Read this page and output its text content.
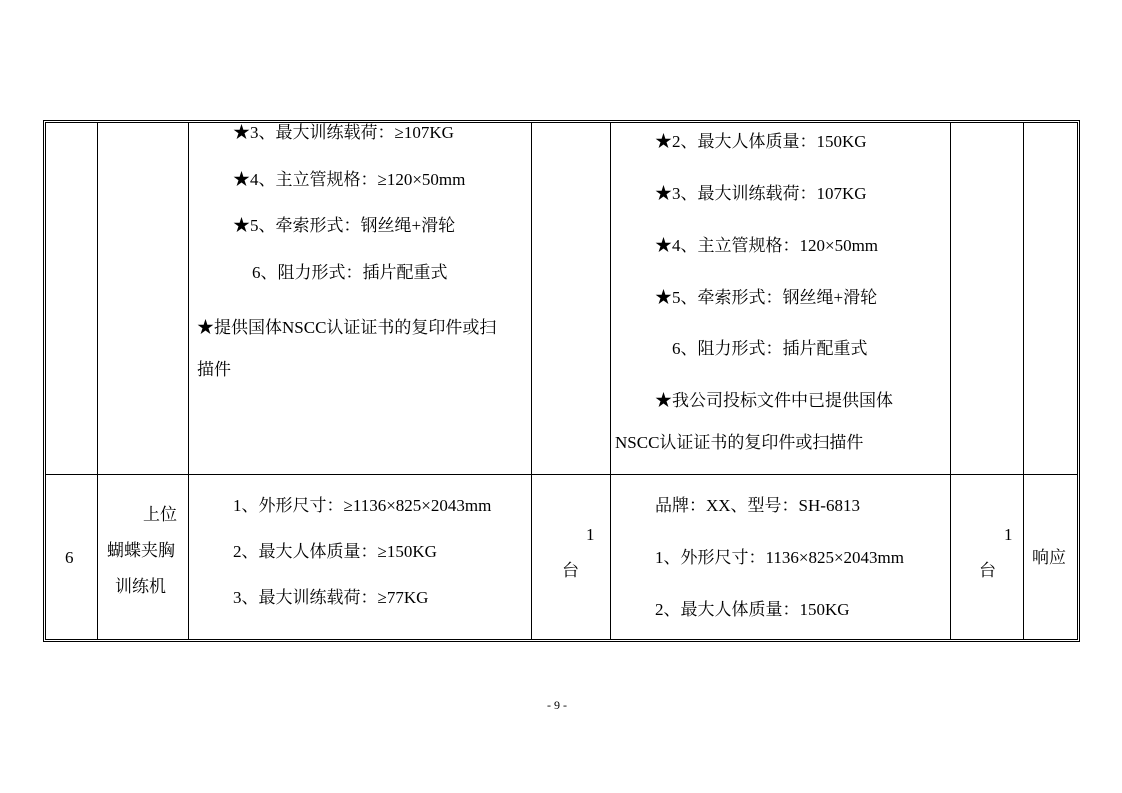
★3、最大训练载荷：≥107KG
★4、主立管规格：≥120×50mm
★5、牵索形式：钢丝绳+滑轮
6、阻力形式：插片配重式
★提供国体NSCC认证证书的复印件或扫
描件
★2、最大人体质量：150KG
★3、最大训练载荷：107KG
★4、主立管规格：120×50mm
★5、牵索形式：钢丝绳+滑轮
6、阻力形式：插片配重式
★我公司投标文件中已提供国体
NSCC认证证书的复印件或扫描件
6
上位
蝴蝶夹胸
训练机
1、外形尺寸：≥1136×825×2043mm
2、最大人体质量：≥150KG
3、最大训练载荷：≥77KG
1
台
品牌：XX、型号：SH-6813
1、外形尺寸：1136×825×2043mm
2、最大人体质量：150KG
1
台
响应
- 9 -
